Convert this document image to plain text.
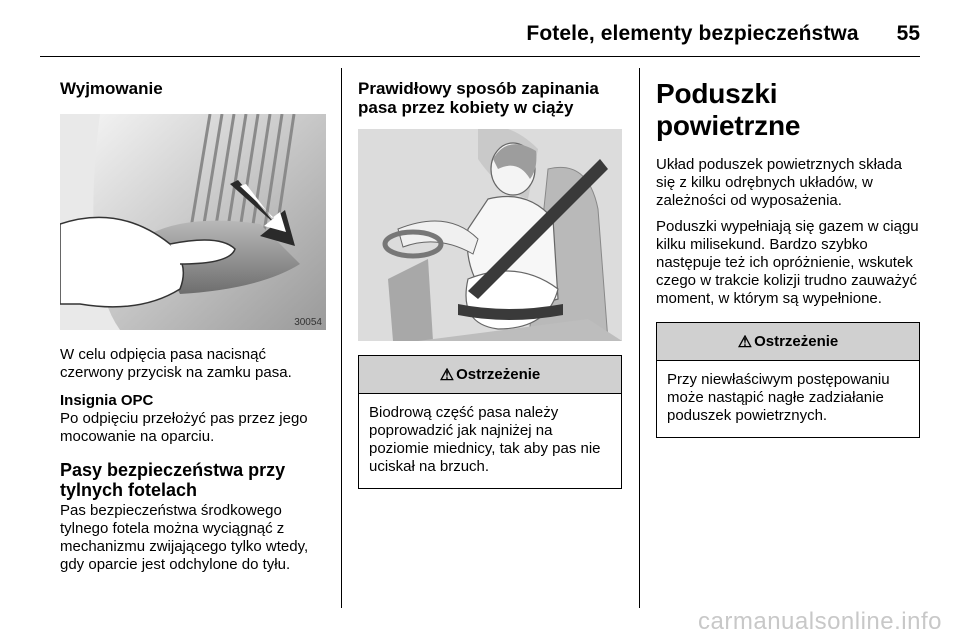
Fotele, elementy bezpieczeństwa 55
Wyjmowanie
30054
W celu odpięcia pasa nacisnąć czerwony przycisk na zamku pasa.
Insignia OPC
Po odpięciu przełożyć pas przez jego mocowanie na oparciu.
Pasy bezpieczeństwa przy tylnych fotelach
Pas bezpieczeństwa środkowego tylnego fotela można wyciągnąć z mechanizmu zwijającego tylko wtedy, gdy oparcie jest odchylone do tyłu.
Prawidłowy sposób zapinania pasa przez kobiety w ciąży
⚠ Ostrzeżenie
Biodrową część pasa należy poprowadzić jak najniżej na poziomie miednicy, tak aby pas nie uciskał na brzuch.
Poduszki powietrzne
Układ poduszek powietrznych składa się z kilku odrębnych układów, w zależności od wyposażenia.
Poduszki wypełniają się gazem w ciągu kilku milisekund. Bardzo szybko następuje też ich opróżnienie, wskutek czego w trakcie kolizji trudno zauważyć moment, w którym są wypełnione.
⚠ Ostrzeżenie
Przy niewłaściwym postępowaniu może nastąpić nagłe zadziałanie poduszek powietrznych.
carmanualsonline.info
